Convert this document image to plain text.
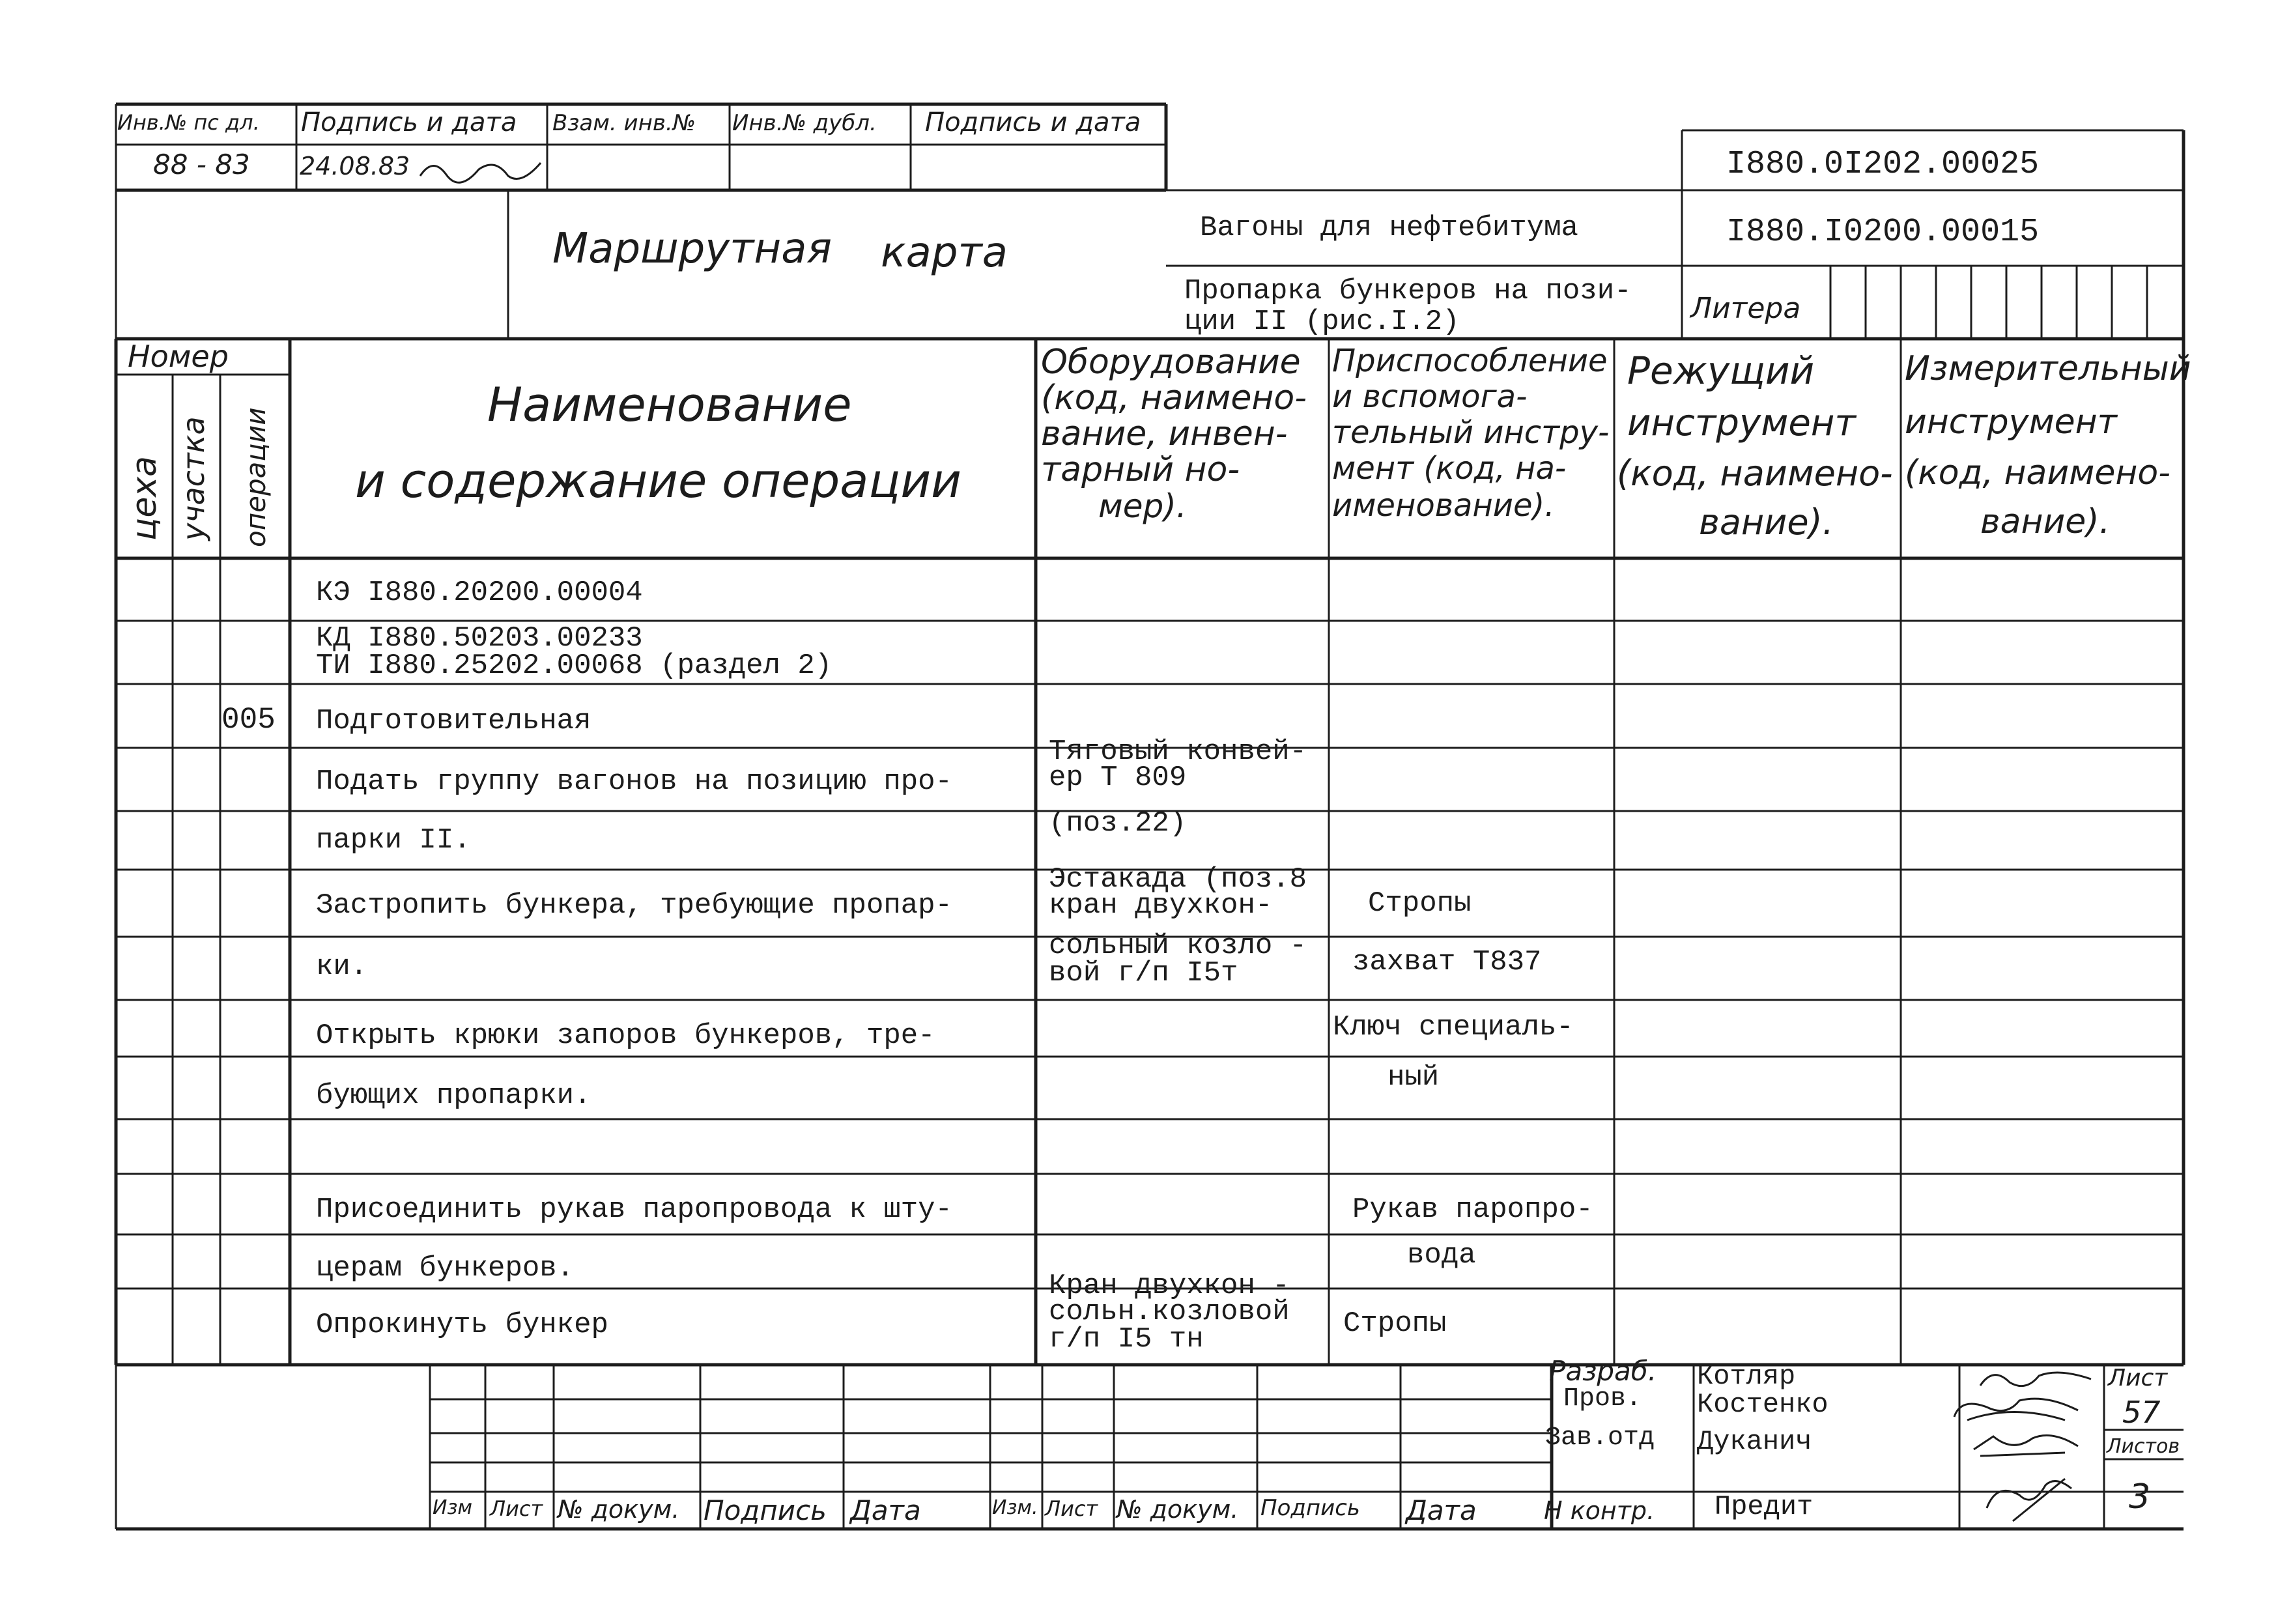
Инв.№ пс дл. Подпись и дата Взам. инв.№ Инв.№ дубл. Подпись и дата
88 - 83 24.08.83
Маршрутная карта
I880.0I202.00025
I880.I0200.00015
Вагоны для нефтебитума
Пропарка бункеров на пози-
ции II (рис.I.2)	Литера
Номер
цеха участка операции
Наименование
и содержание операции
Оборудование
(код, наимено-
вание, инвен-
тарный но-
мер).
Приспособление
и вспомога-
тельный инстру-
мент (код, на-
именование).
Режущий
инструмент
(код, наимено-
вание).
Измерительный
инструмент
(код, наимено-
вание).
КЭ I880.20200.00004
КД I880.50203.00233
ТИ I880.25202.00068 (раздел 2)
005 Подготовительная
Подать группу вагонов на позицию про-
парки II.
Застропить бункера, требующие пропар-
ки.
Открыть крюки запоров бункеров, тре-
бующих пропарки.
Присоединить рукав паропровода к шту-
церам бункеров.
Опрокинуть бункер
Тяговый конвей-
ер Т 809
(поз.22)
Эстакада (поз.8
кран двухкон-
сольный козло -
вой г/п I5т
Кран двухкон -
сольн.козловой
г/п I5 тн
Стропы
захват Т837
Ключ специаль-
ный
Рукав паропро-
вода
Стропы
Изм Лист № докум. Подпись Дата	Изм. Лист № докум. Подпись Дата
Разраб.
Пров.
Зав.отд
Н контр.
Котляр
Костенко
Дуканич
Предит
Лист
57
Листов
3
